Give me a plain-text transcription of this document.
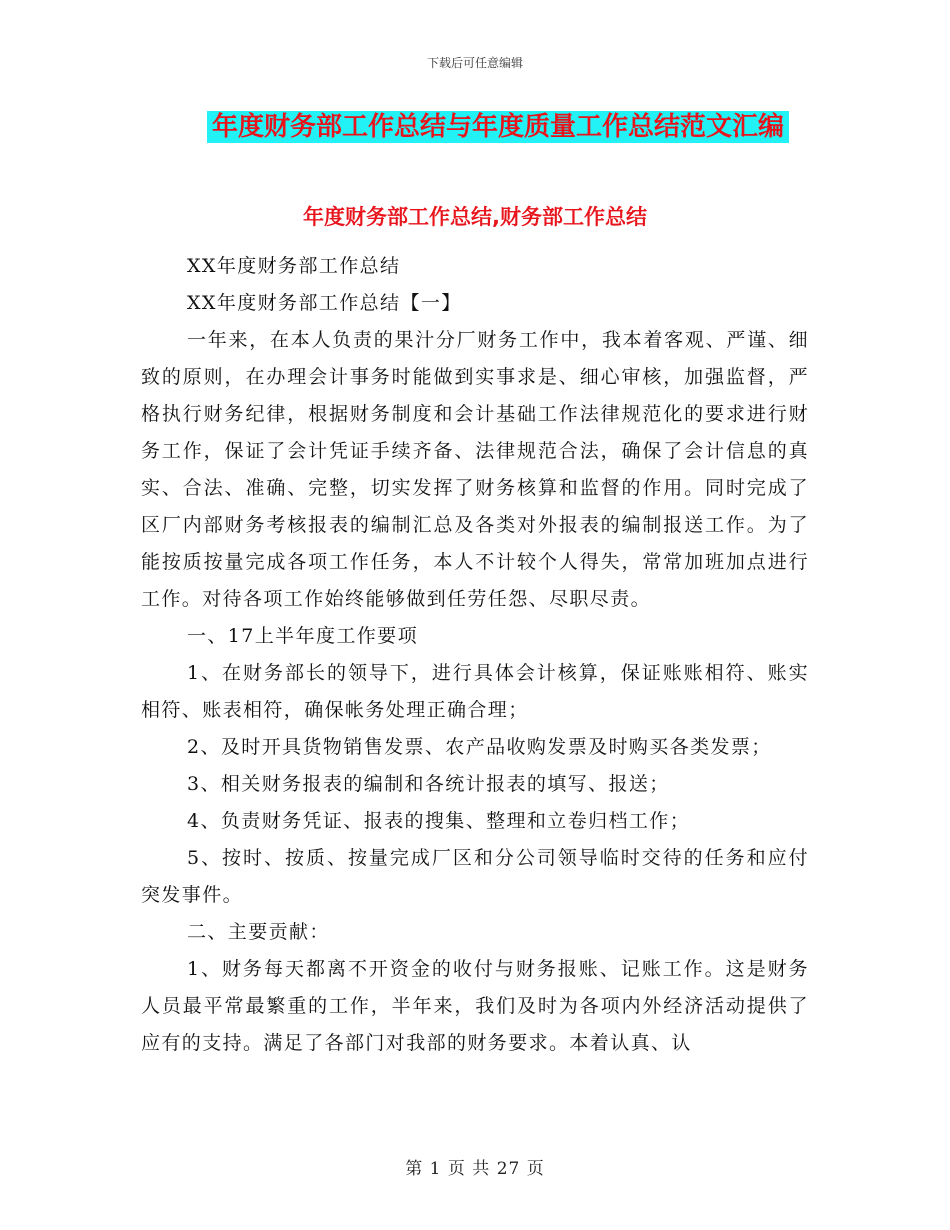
下载后可任意编辑
年度财务部工作总结与年度质量工作总结范文汇编
年度财务部工作总结,财务部工作总结

XX年度财务部工作总结

XX年度财务部工作总结【一】

一年来，在本人负责的果汁分厂财务工作中，我本着客观、严谨、细致的原则，在办理会计事务时能做到实事求是、细心审核，加强监督，严格执行财务纪律，根据财务制度和会计基础工作法律规范化的要求进行财务工作，保证了会计凭证手续齐备、法律规范合法，确保了会计信息的真实、合法、准确、完整，切实发挥了财务核算和监督的作用。同时完成了区厂内部财务考核报表的编制汇总及各类对外报表的编制报送工作。为了能按质按量完成各项工作任务，本人不计较个人得失，常常加班加点进行工作。对待各项工作始终能够做到任劳任怨、尽职尽责。

一、17上半年度工作要项

1、在财务部长的领导下，进行具体会计核算，保证账账相符、账实相符、账表相符，确保帐务处理正确合理；

2、及时开具货物销售发票、农产品收购发票及时购买各类发票；

3、相关财务报表的编制和各统计报表的填写、报送；

4、负责财务凭证、报表的搜集、整理和立卷归档工作；

5、按时、按质、按量完成厂区和分公司领导临时交待的任务和应付突发事件。

二、主要贡献：

1、财务每天都离不开资金的收付与财务报账、记账工作。这是财务人员最平常最繁重的工作，半年来，我们及时为各项内外经济活动提供了应有的支持。满足了各部门对我部的财务要求。本着认真、认

第 1 页 共 27 页
